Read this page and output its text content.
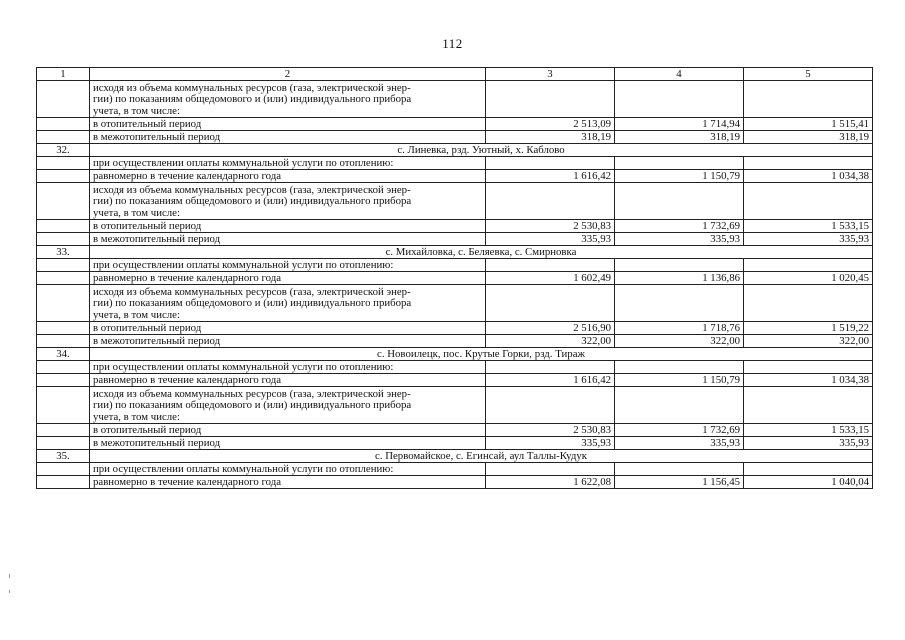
112
1	2	3	4	5

	исходя из объема коммунальных ресурсов (газа, электрической энер-
гии) по показаниям общедомового и (или) индивидуального прибора
учета, в том числе:			

	в отопительный период	2 513,09	1 714,94	1 515,41
	в межотопительный период	318,19	318,19	318,19
32.	с. Линевка, рзд. Уютный, х. Каблово			
	при осуществлении оплаты коммунальной услуги по отоплению:			
	равномерно в течение календарного года	1 616,42	1 150,79	1 034,38

	исходя из объема коммунальных ресурсов (газа, электрической энер-
гии) по показаниям общедомового и (или) индивидуального прибора
учета, в том числе:			

	в отопительный период	2 530,83	1 732,69	1 533,15
	в межотопительный период	335,93	335,93	335,93
33.	с. Михайловка, с. Беляевка, с. Смирновка			
	при осуществлении оплаты коммунальной услуги по отоплению:			
	равномерно в течение календарного года	1 602,49	1 136,86	1 020,45

	исходя из объема коммунальных ресурсов (газа, электрической энер-
гии) по показаниям общедомового и (или) индивидуального прибора
учета, в том числе:			

	в отопительный период	2 516,90	1 718,76	1 519,22
	в межотопительный период	322,00	322,00	322,00
34.	с. Новоилецк, пос. Крутые Горки, рзд. Тираж			
	при осуществлении оплаты коммунальной услуги по отоплению:			
	равномерно в течение календарного года	1 616,42	1 150,79	1 034,38

	исходя из объема коммунальных ресурсов (газа, электрической энер-
гии) по показаниям общедомового и (или) индивидуального прибора
учета, в том числе:			

	в отопительный период	2 530,83	1 732,69	1 533,15
	в межотопительный период	335,93	335,93	335,93
35.	с. Первомайское, с. Егинсай, аул Таллы-Кудук			
	при осуществлении оплаты коммунальной услуги по отоплению:			
	равномерно в течение календарного года	1 622,08	1 156,45	1 040,04
